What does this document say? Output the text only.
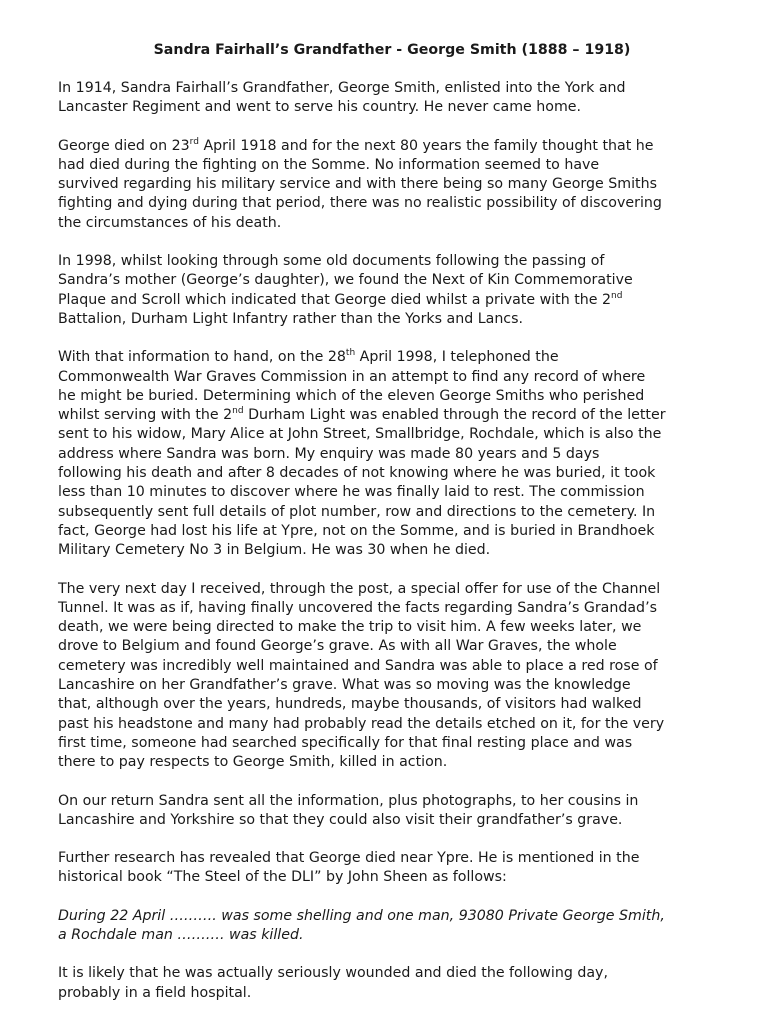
Sandra Fairhall’s Grandfather - George Smith (1888 – 1918)
In 1914, Sandra Fairhall’s Grandfather, George Smith, enlisted into the York and
Lancaster Regiment and went to serve his country. He never came home.
George died on 23rd April 1918 and for the next 80 years the family thought that he
had died during the fighting on the Somme. No information seemed to have
survived regarding his military service and with there being so many George Smiths
fighting and dying during that period, there was no realistic possibility of discovering
the circumstances of his death.
In 1998, whilst looking through some old documents following the passing of
Sandra’s mother (George’s daughter), we found the Next of Kin Commemorative
Plaque and Scroll which indicated that George died whilst a private with the 2nd
Battalion, Durham Light Infantry rather than the Yorks and Lancs.
With that information to hand, on the 28th April 1998, I telephoned the
Commonwealth War Graves Commission in an attempt to find any record of where
he might be buried. Determining which of the eleven George Smiths who perished
whilst serving with the 2nd Durham Light was enabled through the record of the letter
sent to his widow, Mary Alice at John Street, Smallbridge, Rochdale, which is also the
address where Sandra was born. My enquiry was made 80 years and 5 days
following his death and after 8 decades of not knowing where he was buried, it took
less than 10 minutes to discover where he was finally laid to rest. The commission
subsequently sent full details of plot number, row and directions to the cemetery. In
fact, George had lost his life at Ypre, not on the Somme, and is buried in Brandhoek
Military Cemetery No 3 in Belgium. He was 30 when he died.
The very next day I received, through the post, a special offer for use of the Channel
Tunnel. It was as if, having finally uncovered the facts regarding Sandra’s Grandad’s
death, we were being directed to make the trip to visit him. A few weeks later, we
drove to Belgium and found George’s grave. As with all War Graves, the whole
cemetery was incredibly well maintained and Sandra was able to place a red rose of
Lancashire on her Grandfather’s grave. What was so moving was the knowledge
that, although over the years, hundreds, maybe thousands, of visitors had walked
past his headstone and many had probably read the details etched on it, for the very
first time, someone had searched specifically for that final resting place and was
there to pay respects to George Smith, killed in action.
On our return Sandra sent all the information, plus photographs, to her cousins in
Lancashire and Yorkshire so that they could also visit their grandfather’s grave.
Further research has revealed that George died near Ypre. He is mentioned in the
historical book “The Steel of the DLI” by John Sheen as follows:
During 22 April ………. was some shelling and one man, 93080 Private George Smith,
a Rochdale man ………. was killed.
It is likely that he was actually seriously wounded and died the following day,
probably in a field hospital.
